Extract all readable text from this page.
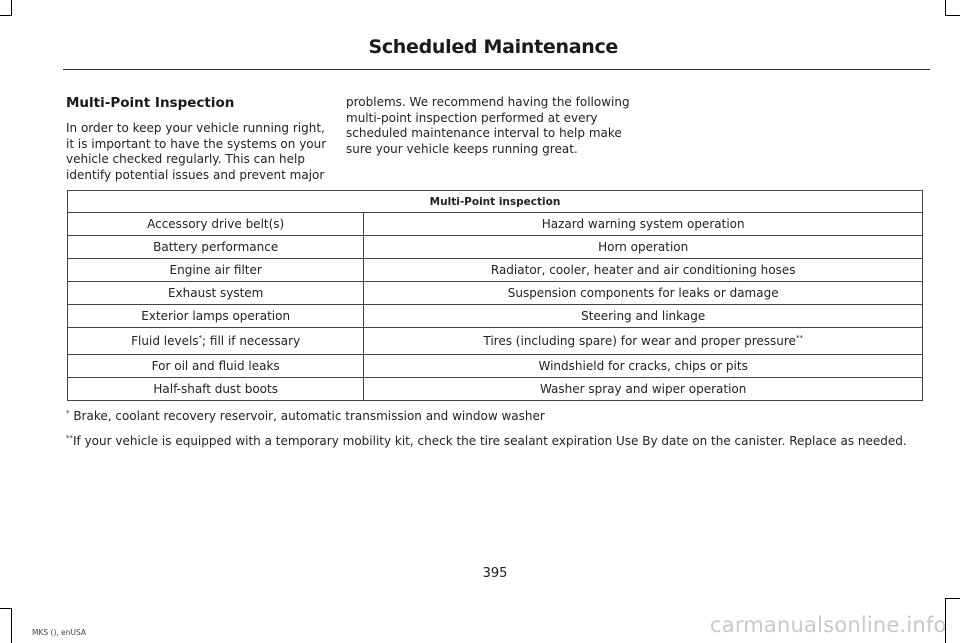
Scheduled Maintenance
Multi-Point Inspection
In order to keep your vehicle running right, it is important to have the systems on your vehicle checked regularly. This can help identify potential issues and prevent major
problems. We recommend having the following multi-point inspection performed at every scheduled maintenance interval to help make sure your vehicle keeps running great.
Multi-Point inspection	
Accessory drive belt(s)	Hazard warning system operation
Battery performance	Horn operation
Engine air filter	Radiator, cooler, heater and air conditioning hoses
Exhaust system	Suspension components for leaks or damage
Exterior lamps operation	Steering and linkage
Fluid levels*; fill if necessary	Tires (including spare) for wear and proper pressure**
For oil and fluid leaks	Windshield for cracks, chips or pits
Half-shaft dust boots	Washer spray and wiper operation
* Brake, coolant recovery reservoir, automatic transmission and window washer
**If your vehicle is equipped with a temporary mobility kit, check the tire sealant expiration Use By date on the canister. Replace as needed.
395
MKS (), enUSA	carmanualsonline.info
